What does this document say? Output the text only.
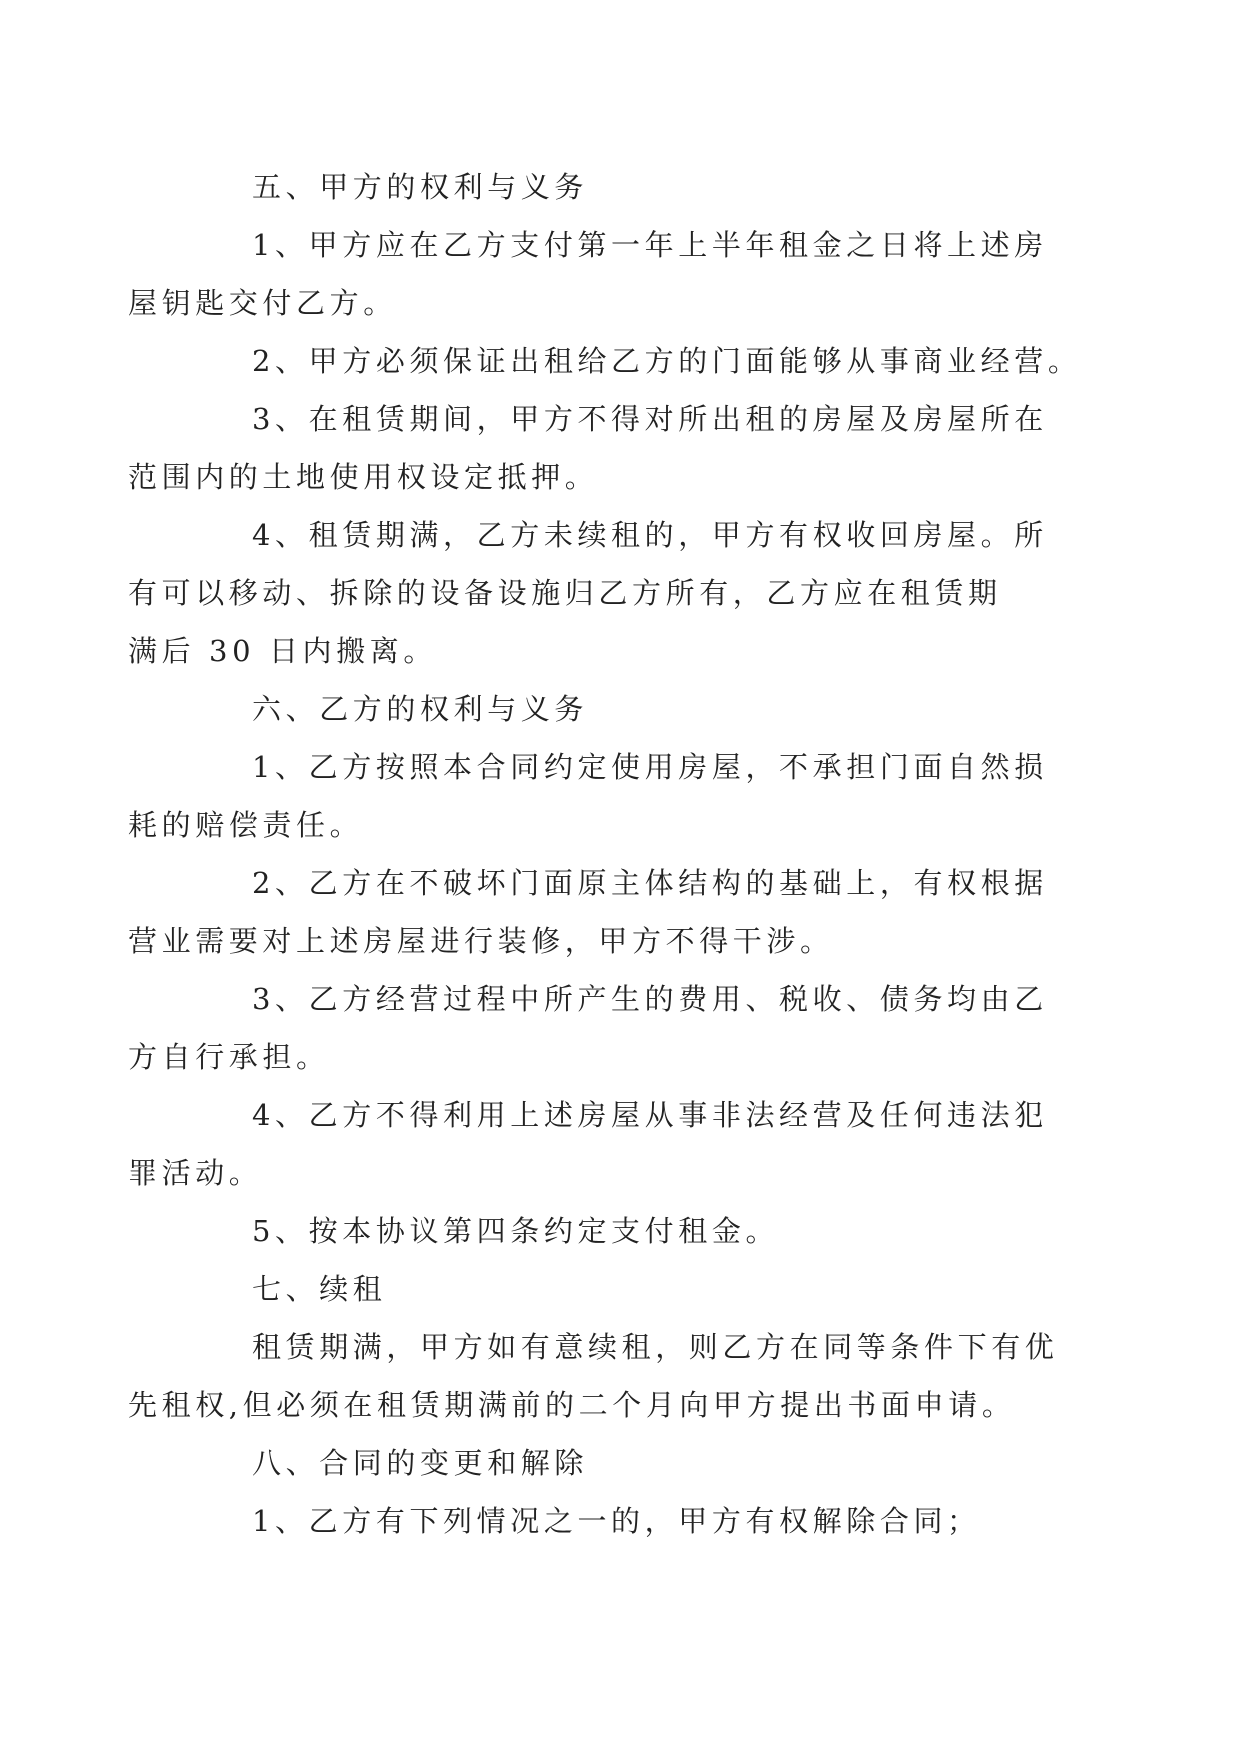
五、甲方的权利与义务

1、甲方应在乙方支付第一年上半年租金之日将上述房
屋钥匙交付乙方。

2、甲方必须保证出租给乙方的门面能够从事商业经营。

3、在租赁期间，甲方不得对所出租的房屋及房屋所在
范围内的土地使用权设定抵押。

4、租赁期满，乙方未续租的，甲方有权收回房屋。所
有可以移动、拆除的设备设施归乙方所有，乙方应在租赁期
满后 30 日内搬离。

六、乙方的权利与义务

1、乙方按照本合同约定使用房屋，不承担门面自然损
耗的赔偿责任。

2、乙方在不破坏门面原主体结构的基础上，有权根据
营业需要对上述房屋进行装修，甲方不得干涉。

3、乙方经营过程中所产生的费用、税收、债务均由乙
方自行承担。

4、乙方不得利用上述房屋从事非法经营及任何违法犯
罪活动。

5、按本协议第四条约定支付租金。

七、续租

租赁期满，甲方如有意续租，则乙方在同等条件下有优
先租权,但必须在租赁期满前的二个月向甲方提出书面申请。

八、合同的变更和解除

1、乙方有下列情况之一的，甲方有权解除合同；
